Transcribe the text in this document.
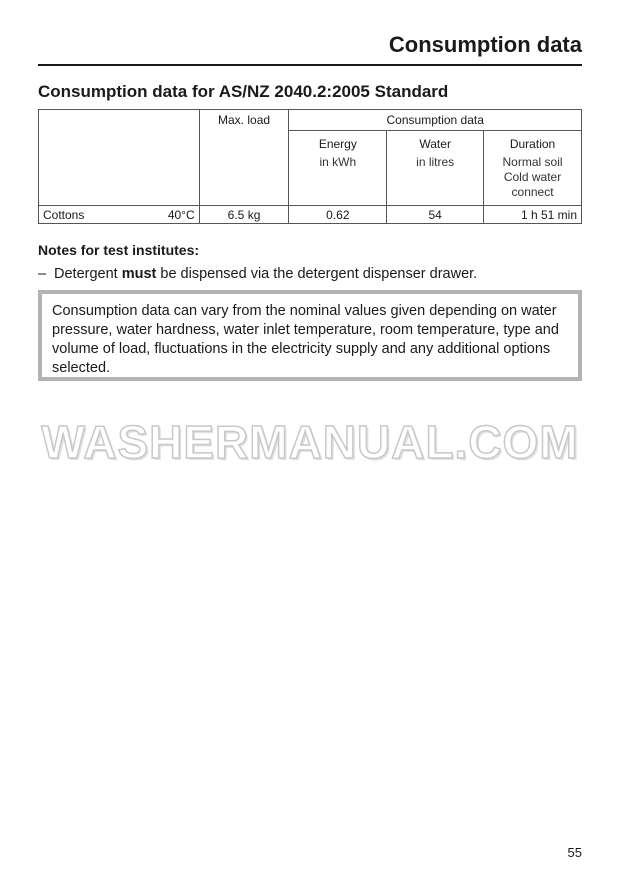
Consumption data
Consumption data for AS/NZ 2040.2:2005 Standard
	Max. load	Consumption data		
		Energy	Water	Duration
		in kWh	in litres	Normal soil Cold water connect

Cottons 40°C	6.5 kg	0.62	54	1 h 51 min
Notes for test institutes:
– Detergent must be dispensed via the detergent dispenser drawer.
Consumption data can vary from the nominal values given depending on water pressure, water hardness, water inlet temperature, room temperature, type and volume of load, fluctuations in the electricity supply and any additional options selected.
WASHERMANUAL.COM
55
